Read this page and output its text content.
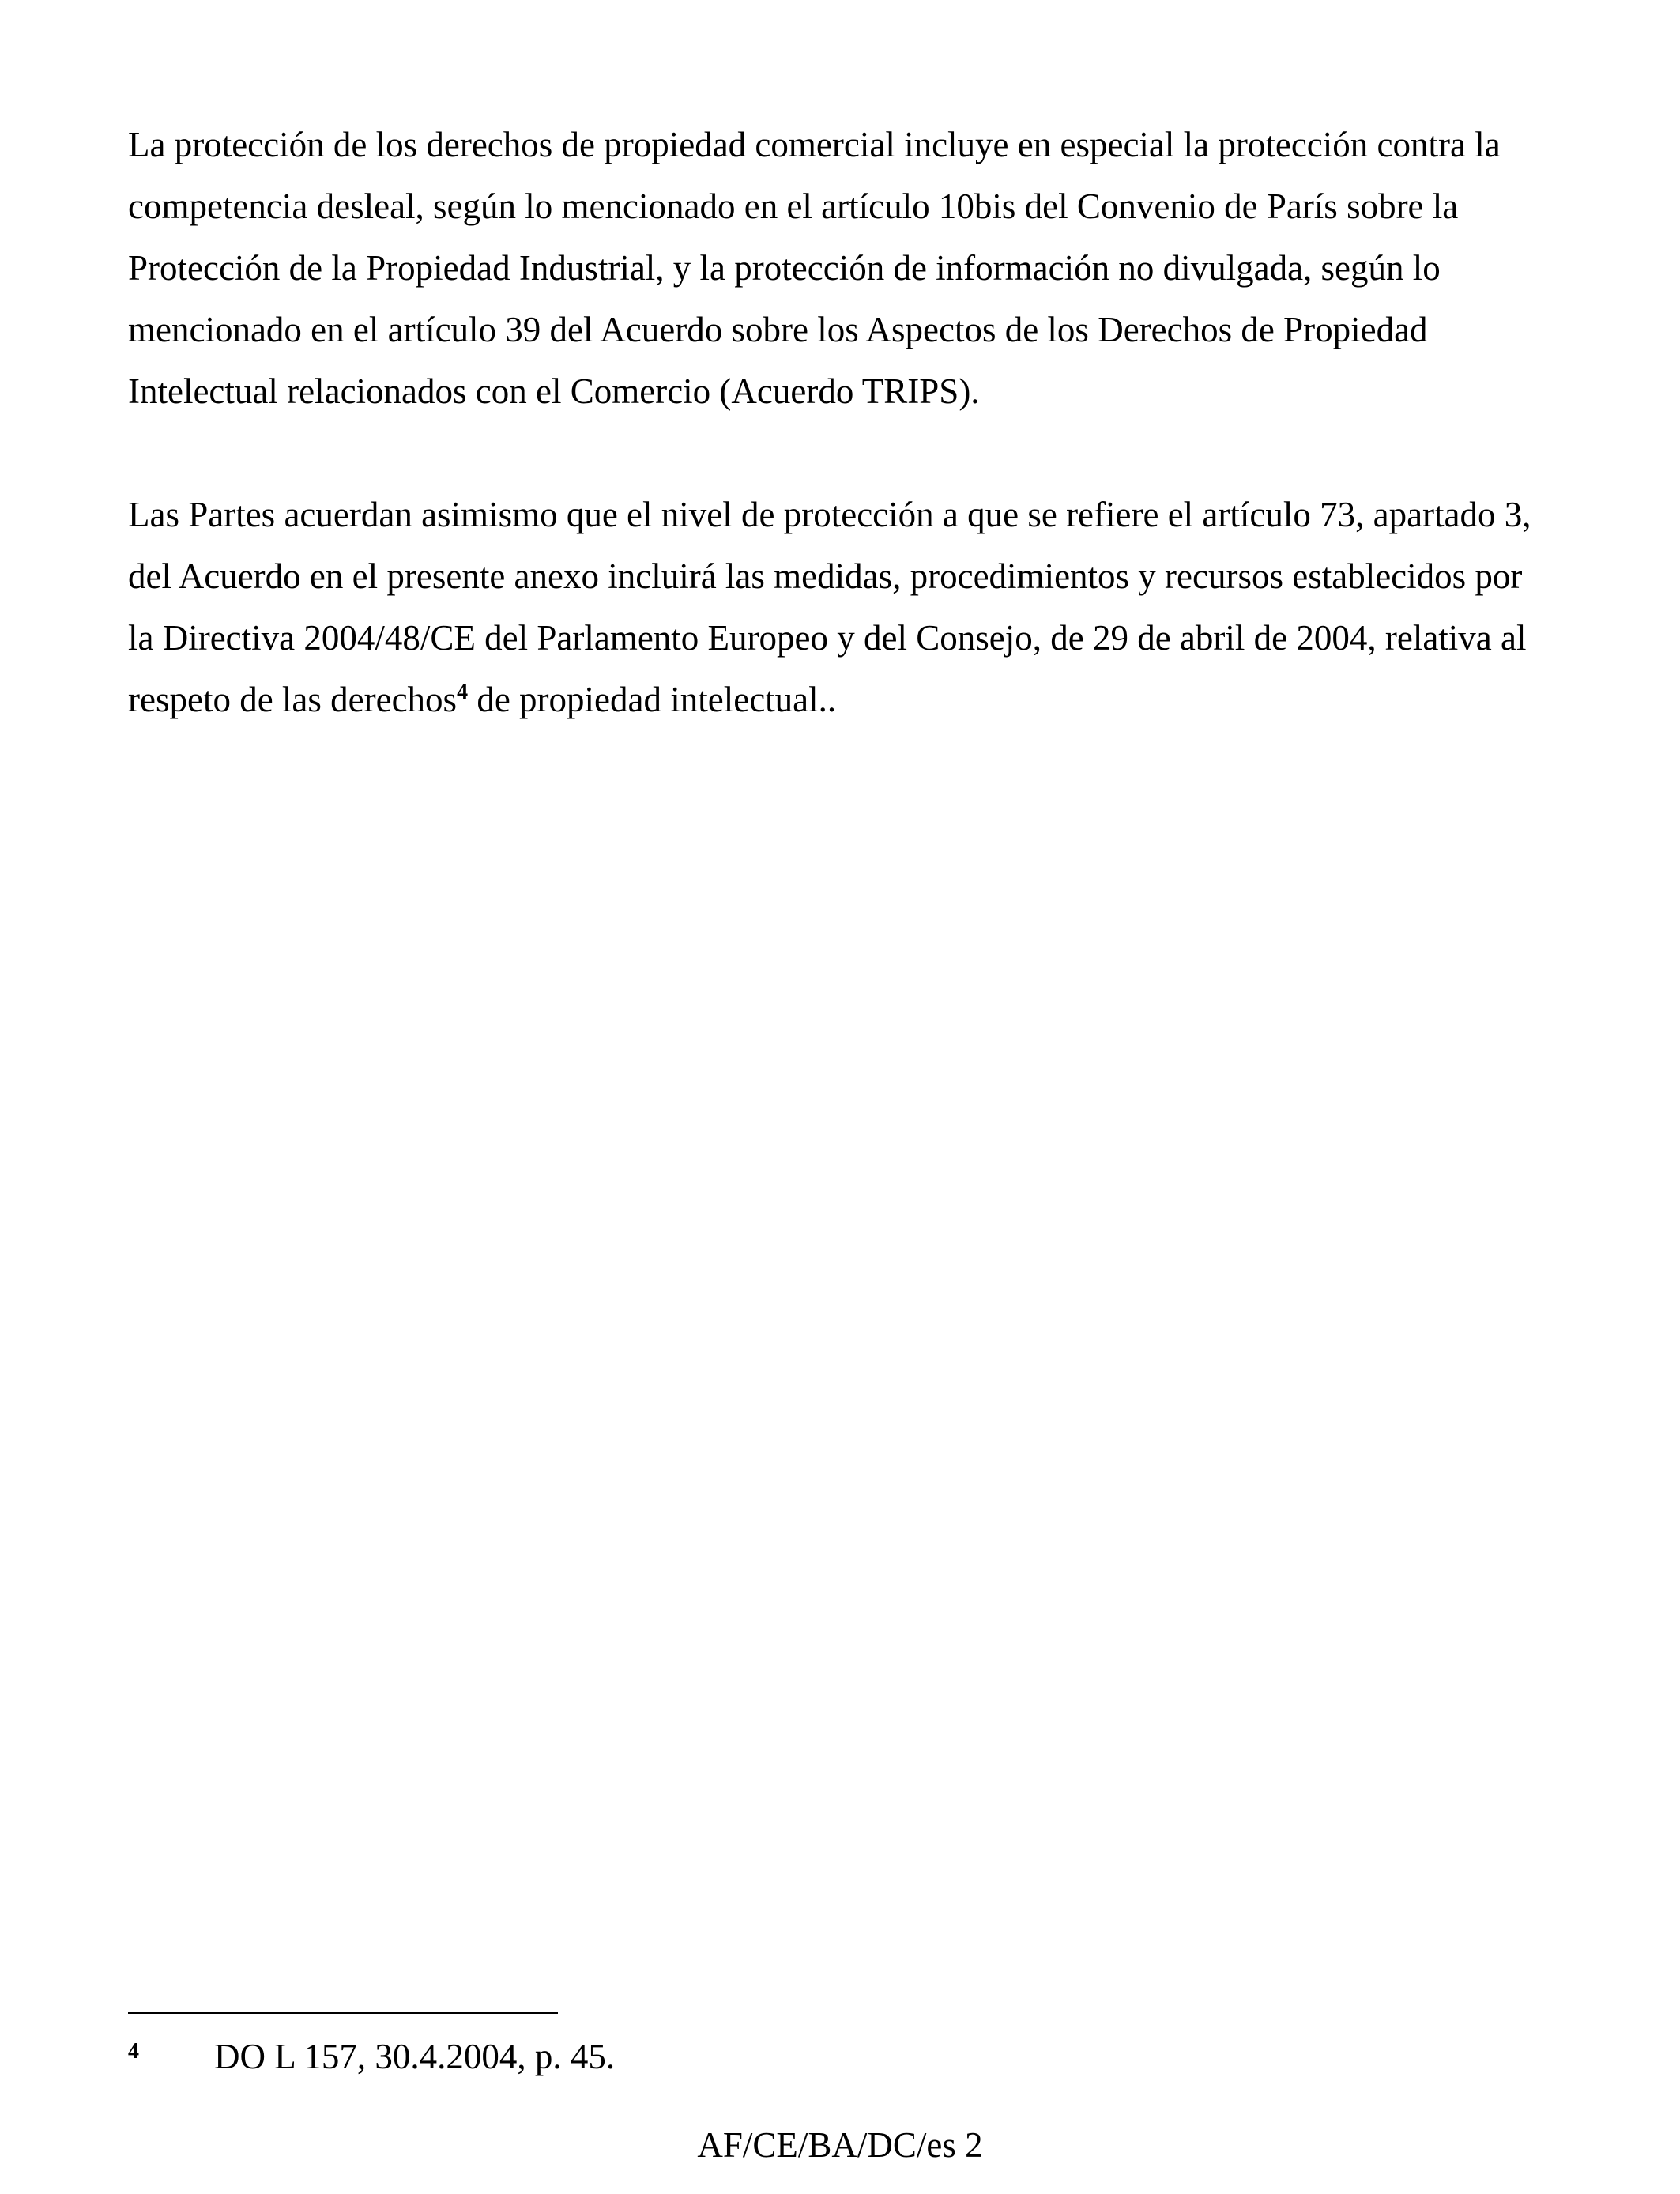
La protección de los derechos de propiedad comercial incluye en especial la protección contra la
competencia desleal, según lo mencionado en el artículo 10bis del Convenio de París sobre la
Protección de la Propiedad Industrial, y la protección de información no divulgada, según lo
mencionado en el artículo 39 del Acuerdo sobre los Aspectos de los Derechos de Propiedad
Intelectual relacionados con el Comercio (Acuerdo TRIPS).

Las Partes acuerdan asimismo que el nivel de protección a que se refiere el artículo 73, apartado 3,
del Acuerdo en el presente anexo incluirá las medidas, procedimientos y recursos establecidos por
la Directiva 2004/48/CE del Parlamento Europeo y del Consejo, de 29 de abril de 2004, relativa al
respeto de las derechos$^4$ de propiedad intelectual..

4 DO L 157, 30.4.2004, p. 45.
AF/CE/BA/DC/es 2
